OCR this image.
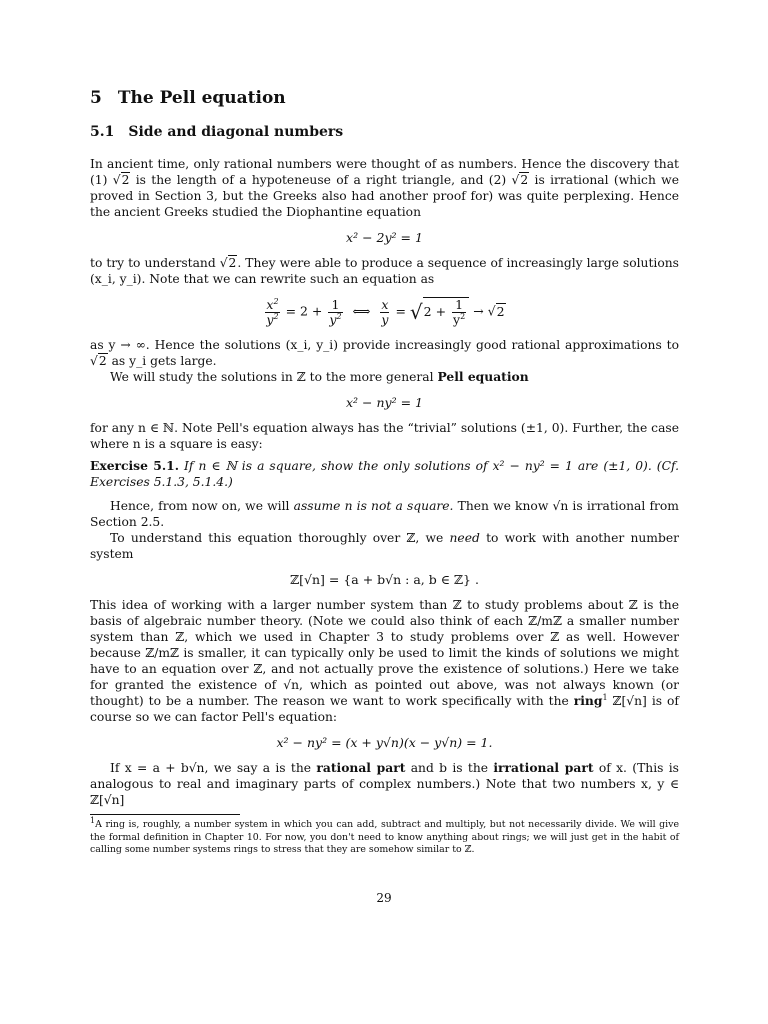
5 The Pell equation
5.1 Side and diagonal numbers

In ancient time, only rational numbers were thought of as numbers. Hence the discovery that (1) √2 is the length of a hypoteneuse of a right triangle, and (2) √2 is irrational (which we proved in Section 3, but the Greeks also had another proof for) was quite perplexing. Hence the ancient Greeks studied the Diophantine equation

x² − 2y² = 1

to try to understand √2. They were able to produce a sequence of increasingly large solutions (x_i, y_i). Note that we can rewrite such an equation as

$\frac{x^2}{y^2} = 2 + \frac{1}{y^2}$ ⟺ $\frac{x}{y} = √2 + \frac{1}{y^2} \to √2$

as y → ∞. Hence the solutions (x_i, y_i) provide increasingly good rational approximations to √2 as y_i gets large.

We will study the solutions in ℤ to the more general Pell equation

x² − ny² = 1

for any n ∈ ℕ. Note Pell's equation always has the “trivial” solutions (±1, 0). Further, the case where n is a square is easy:

Exercise 5.1. If n ∈ ℕ is a square, show the only solutions of x² − ny² = 1 are (±1, 0). (Cf. Exercises 5.1.3, 5.1.4.)

Hence, from now on, we will assume n is not a square. Then we know √n is irrational from Section 2.5.

To understand this equation thoroughly over ℤ, we need to work with another number system

ℤ[√n] = {a + b√n : a, b ∈ ℤ} .

This idea of working with a larger number system than ℤ to study problems about ℤ is the basis of algebraic number theory. (Note we could also think of each ℤ/mℤ a smaller number system than ℤ, which we used in Chapter 3 to study problems over ℤ as well. However because ℤ/mℤ is smaller, it can typically only be used to limit the kinds of solutions we might have to an equation over ℤ, and not actually prove the existence of solutions.) Here we take for granted the existence of √n, which as pointed out above, was not always known (or thought) to be a number. The reason we want to work specifically with the ring$^1$ ℤ[√n] is of course so we can factor Pell's equation:

x² − ny² = (x + y√n)(x − y√n) = 1.

If x = a + b√n, we say a is the rational part and b is the irrational part of x. (This is analogous to real and imaginary parts of complex numbers.) Note that two numbers x, y ∈ ℤ[√n]

$^1$A ring is, roughly, a number system in which you can add, subtract and multiply, but not necessarily divide. We will give the formal definition in Chapter 10. For now, you don't need to know anything about rings; we will just get in the habit of calling some number systems rings to stress that they are somehow similar to ℤ.

29
